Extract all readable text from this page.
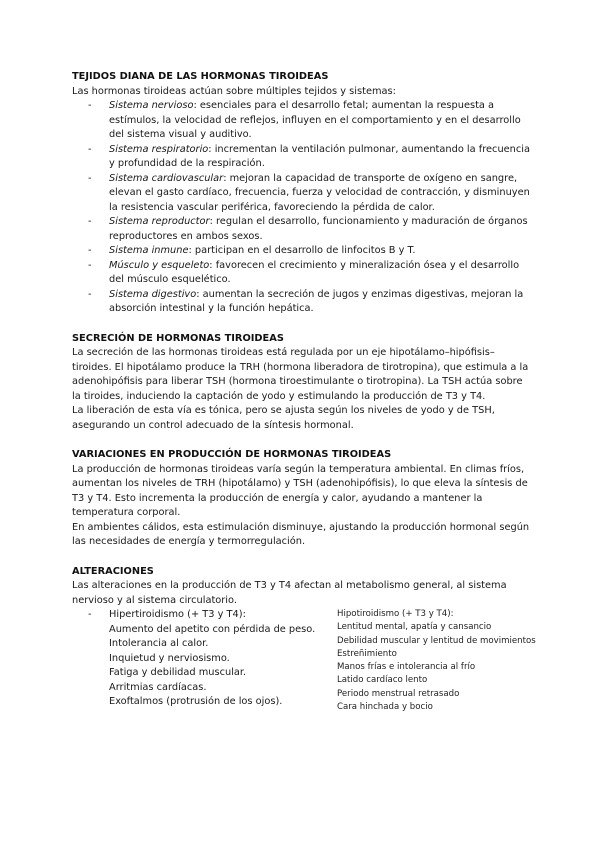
TEJIDOS DIANA DE LAS HORMONAS TIROIDEAS

Las hormonas tiroideas actúan sobre múltiples tejidos y sistemas:

- Sistema nervioso: esenciales para el desarrollo fetal; aumentan la respuesta a estímulos, la velocidad de reflejos, influyen en el comportamiento y en el desarrollo del sistema visual y auditivo.
- Sistema respiratorio: incrementan la ventilación pulmonar, aumentando la frecuencia y profundidad de la respiración.
- Sistema cardiovascular: mejoran la capacidad de transporte de oxígeno en sangre, elevan el gasto cardíaco, frecuencia, fuerza y velocidad de contracción, y disminuyen la resistencia vascular periférica, favoreciendo la pérdida de calor.
- Sistema reproductor: regulan el desarrollo, funcionamiento y maduración de órganos reproductores en ambos sexos.
- Sistema inmune: participan en el desarrollo de linfocitos B y T.
- Músculo y esqueleto: favorecen el crecimiento y mineralización ósea y el desarrollo del músculo esquelético.
- Sistema digestivo: aumentan la secreción de jugos y enzimas digestivas, mejoran la absorción intestinal y la función hepática.
SECRECIÓN DE HORMONAS TIROIDEAS

La secreción de las hormonas tiroideas está regulada por un eje hipotálamo–hipófisis–tiroides. El hipotálamo produce la TRH (hormona liberadora de tirotropina), que estimula a la adenohipófisis para liberar TSH (hormona tiroestimulante o tirotropina). La TSH actúa sobre la tiroides, induciendo la captación de yodo y estimulando la producción de T3 y T4.

La liberación de esta vía es tónica, pero se ajusta según los niveles de yodo y de TSH, asegurando un control adecuado de la síntesis hormonal.

VARIACIONES EN PRODUCCIÓN DE HORMONAS TIROIDEAS

La producción de hormonas tiroideas varía según la temperatura ambiental. En climas fríos, aumentan los niveles de TRH (hipotálamo) y TSH (adenohipófisis), lo que eleva la síntesis de T3 y T4. Esto incrementa la producción de energía y calor, ayudando a mantener la temperatura corporal.

En ambientes cálidos, esta estimulación disminuye, ajustando la producción hormonal según las necesidades de energía y termorregulación.

ALTERACIONES

Las alteraciones en la producción de T3 y T4 afectan al metabolismo general, al sistema nervioso y al sistema circulatorio.

- Hipertiroidismo (+ T3 y T4):
Aumento del apetito con pérdida de peso.
Intolerancia al calor.
Inquietud y nerviosismo.
Fatiga y debilidad muscular.
Arritmias cardíacas.
Exoftalmos (protrusión de los ojos).
Hipotiroidismo (+ T3 y T4):
Lentitud mental, apatía y cansancio
Debilidad muscular y lentitud de movimientos
Estreñimiento
Manos frías e intolerancia al frío
Latido cardíaco lento
Periodo menstrual retrasado
Cara hinchada y bocio
